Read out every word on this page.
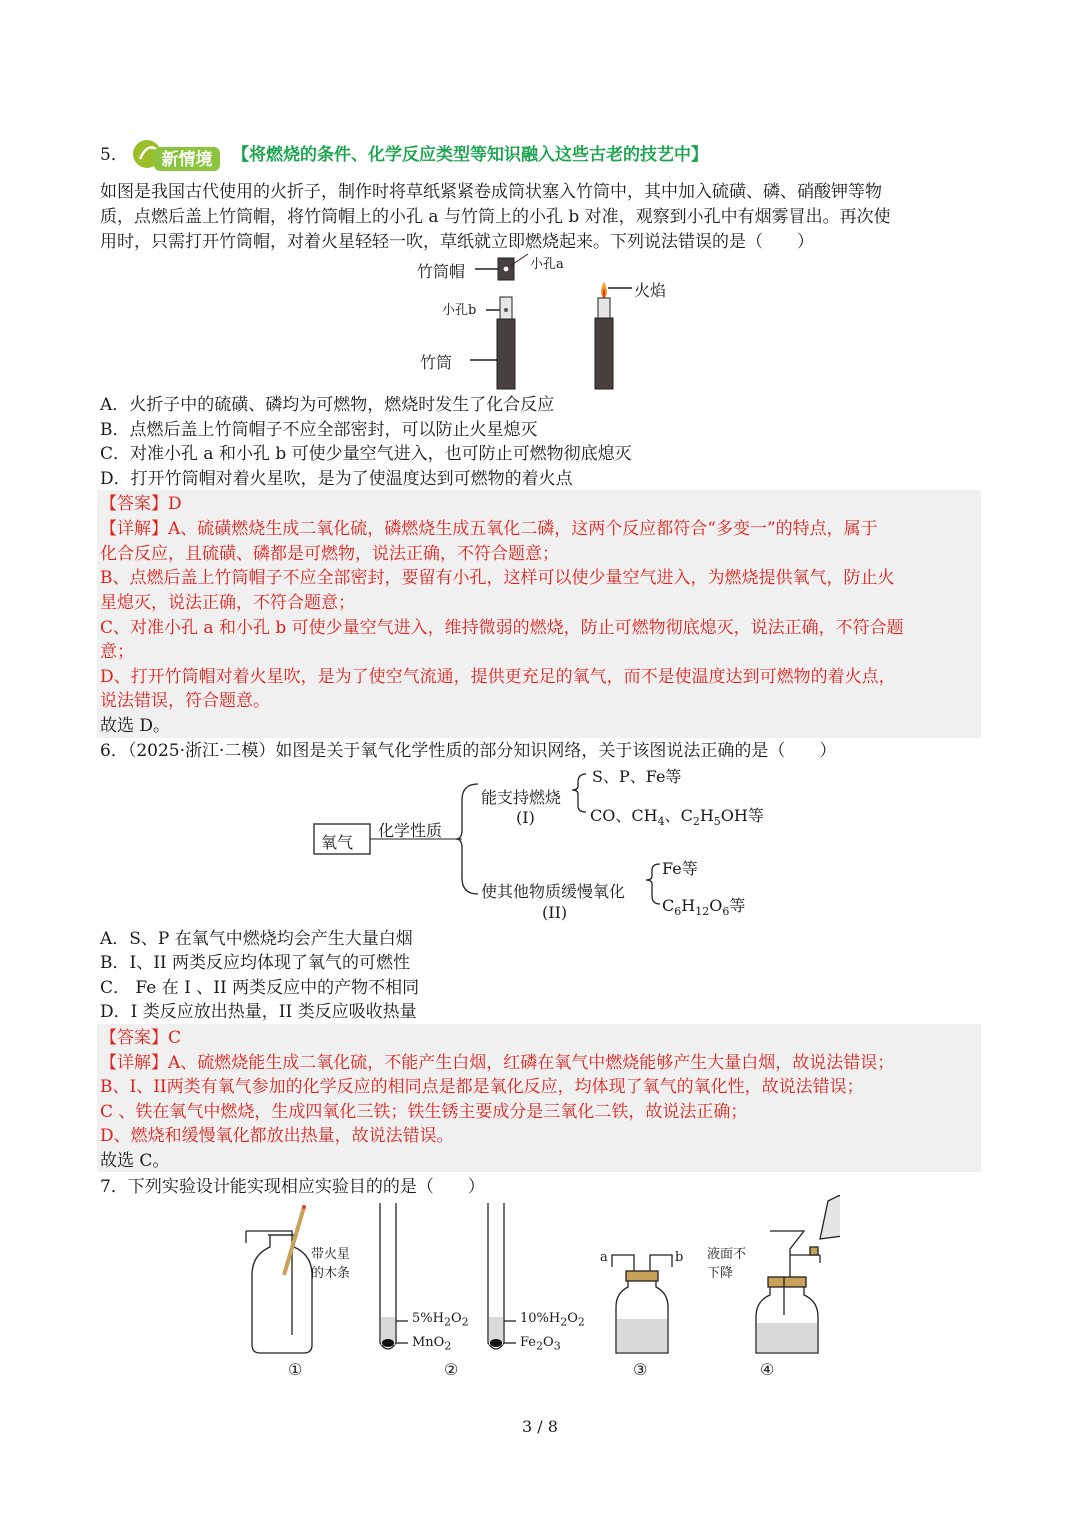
5． 新情境 【将燃烧的条件、化学反应类型等知识融入这些古老的技艺中】
如图是我国古代使用的火折子，制作时将草纸紧紧卷成筒状塞入竹筒中，其中加入硫磺、磷、硝酸钾等物
质，点燃后盖上竹筒帽，将竹筒帽上的小孔 a 与竹筒上的小孔 b 对准，观察到小孔中有烟雾冒出。再次使
用时，只需打开竹筒帽，对着火星轻轻一吹，草纸就立即燃烧起来。下列说法错误的是（　　）
竹筒帽	小孔a
小孔b
竹筒
火焰
A．火折子中的硫磺、磷均为可燃物，燃烧时发生了化合反应
B．点燃后盖上竹筒帽子不应全部密封，可以防止火星熄灭
C．对准小孔 a 和小孔 b 可使少量空气进入，也可防止可燃物彻底熄灭
D．打开竹筒帽对着火星吹，是为了使温度达到可燃物的着火点
【答案】D
【详解】A、硫磺燃烧生成二氧化硫，磷燃烧生成五氧化二磷，这两个反应都符合“多变一”的特点，属于
化合反应，且硫磺、磷都是可燃物，说法正确，不符合题意；
B、点燃后盖上竹筒帽子不应全部密封，要留有小孔，这样可以使少量空气进入，为燃烧提供氧气，防止火
星熄灭，说法正确，不符合题意；
C、对准小孔 a 和小孔 b 可使少量空气进入，维持微弱的燃烧，防止可燃物彻底熄灭，说法正确，不符合题
意；
D、打开竹筒帽对着火星吹，是为了使空气流通，提供更充足的氧气，而不是使温度达到可燃物的着火点，
说法错误，符合题意。
故选 D。
6．（2025·浙江·二模）如图是关于氧气化学性质的部分知识网络，关于该图说法正确的是（　　）
氧气
化学性质
能支持燃烧
(I)
S、P、Fe等
CO、$CH_4$、$C_2H_5OH$等
使其他物质缓慢氧化
(II)
Fe等
$C_6H_{12}O_6$等
A．S、P 在氧气中燃烧均会产生大量白烟
B．I、II 两类反应均体现了氧气的可燃性
C． Fe 在 I 、II 两类反应中的产物不相同
D．I 类反应放出热量，II 类反应吸收热量
【答案】C
【详解】A、硫燃烧能生成二氧化硫，不能产生白烟，红磷在氧气中燃烧能够产生大量白烟，故说法错误；
B、I、II两类有氧气参加的化学反应的相同点是都是氧化反应，均体现了氧气的氧化性，故说法错误；
C 、铁在氧气中燃烧，生成四氧化三铁；铁生锈主要成分是三氧化二铁，故说法正确；
D、燃烧和缓慢氧化都放出热量，故说法错误。
故选 C。
7．下列实验设计能实现相应实验目的的是（　　）
带火星
的木条
$5\%H_2O_2$
MnO$_2$
$10\%H_2O_2$
$Fe_2O_3$
a	b 液面不
下降
①	②	③	④
3 / 8
